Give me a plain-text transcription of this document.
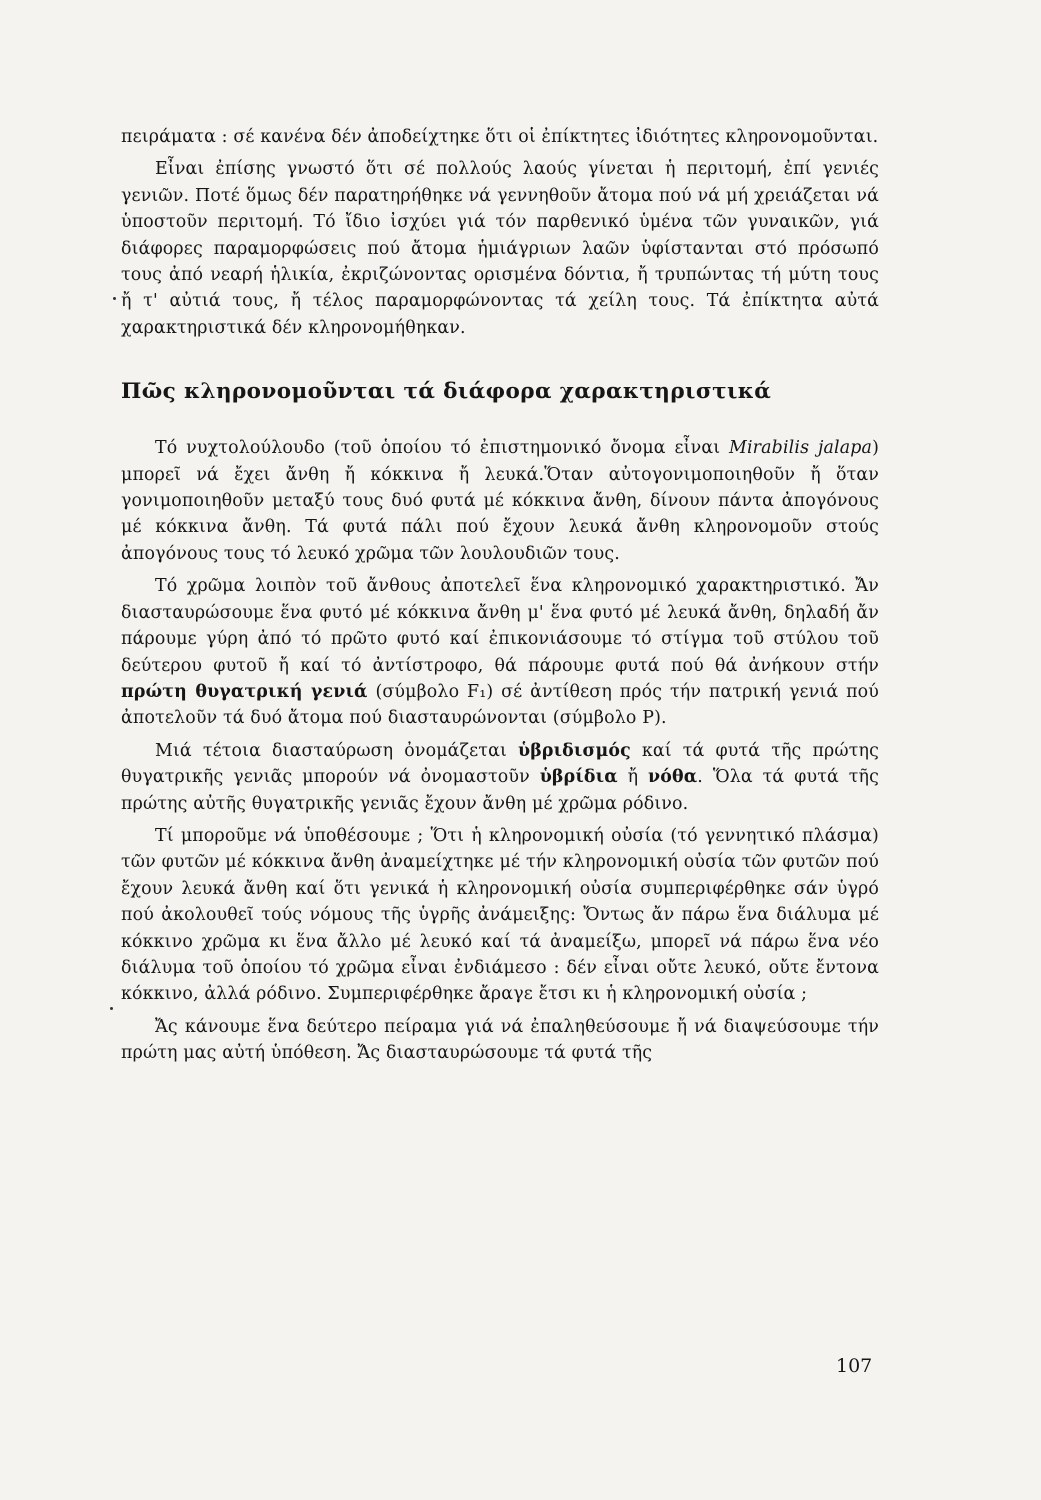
πειράματα : σέ κανένα δέν ἀποδείχτηκε ὅτι οἱ ἐπίκτητες ἰδιότητες κληρονομοῦνται.

Εἶναι ἐπίσης γνωστό ὅτι σέ πολλούς λαούς γίνεται ἡ περιτομή, ἐπί γενιές γενιῶν. Ποτέ ὅμως δέν παρατηρήθηκε νά γεννηθοῦν ἄτομα πού νά μή χρειάζεται νά ὑποστοῦν περιτομή. Τό ἴδιο ἰσχύει γιά τόν παρθενικό ὑμένα τῶν γυναικῶν, γιά διάφορες παραμορφώσεις πού ἄτομα ἡμιάγριων λαῶν ὑφίστανται στό πρόσωπό τους ἀπό νεαρή ἡλικία, ἐκριζώνοντας ορισμένα δόντια, ἤ τρυπώντας τή μύτη τους ἤ τ' αὐτιά τους, ἤ τέλος παραμορφώνοντας τά χείλη τους. Τά ἐπίκτητα αὐτά χαρακτηριστικά δέν κληρονομήθηκαν.

Πῶς κληρονομοῦνται τά διάφορα χαρακτηριστικά

Τό νυχτολούλουδο (τοῦ ὁποίου τό ἐπιστημονικό ὄνομα εἶναι Mirabilis jalapa) μπορεῖ νά ἔχει ἄνθη ἤ κόκκινα ἤ λευκά.Ὅταν αὐτογονιμοποιηθοῦν ἤ ὅταν γονιμοποιηθοῦν μεταξύ τους δυό φυτά μέ κόκκινα ἄνθη, δίνουν πάντα ἀπογόνους μέ κόκκινα ἄνθη. Τά φυτά πάλι πού ἔχουν λευκά ἄνθη κληρονομοῦν στούς ἀπογόνους τους τό λευκό χρῶμα τῶν λουλουδιῶν τους.

Τό χρῶμα λοιπὸν τοῦ ἄνθους ἀποτελεῖ ἕνα κληρονομικό χαρακτηριστικό. Ἄν διασταυρώσουμε ἕνα φυτό μέ κόκκινα ἄνθη μ' ἕνα φυτό μέ λευκά ἄνθη, δηλαδή ἄν πάρουμε γύρη ἀπό τό πρῶτο φυτό καί ἐπικονιάσουμε τό στίγμα τοῦ στύλου τοῦ δεύτερου φυτοῦ ἤ καί τό ἀντίστροφο, θά πάρουμε φυτά πού θά ἀνήκουν στήν πρώτη θυγατρική γενιά (σύμβολο F₁) σέ ἀντίθεση πρός τήν πατρική γενιά πού ἀποτελοῦν τά δυό ἄτομα πού διασταυρώνονται (σύμβολο P).

Μιά τέτοια διασταύρωση ὀνομάζεται ὑβριδισμός καί τά φυτά τῆς πρώτης θυγατρικῆς γενιᾶς μπορούν νά ὀνομαστοῦν ὑβρίδια ἤ νόθα. Ὅλα τά φυτά τῆς πρώτης αὐτῆς θυγατρικῆς γενιᾶς ἔχουν ἄνθη μέ χρῶμα ρόδινο.

Τί μποροῦμε νά ὑποθέσουμε ; Ὅτι ἡ κληρονομική οὐσία (τό γεννητικό πλάσμα) τῶν φυτῶν μέ κόκκινα ἄνθη ἀναμείχτηκε μέ τήν κληρονομική οὐσία τῶν φυτῶν πού ἔχουν λευκά ἄνθη καί ὅτι γενικά ἡ κληρονομική οὐσία συμπεριφέρθηκε σάν ὑγρό πού ἀκολουθεῖ τούς νόμους τῆς ὑγρῆς ἀνάμειξης: Ὄντως ἄν πάρω ἕνα διάλυμα μέ κόκκινο χρῶμα κι ἕνα ἄλλο μέ λευκό καί τά ἀναμείξω, μπορεῖ νά πάρω ἕνα νέο διάλυμα τοῦ ὁποίου τό χρῶμα εἶναι ἐνδιάμεσο : δέν εἶναι οὔτε λευκό, οὔτε ἔντονα κόκκινο, ἀλλά ρόδινο. Συμπεριφέρθηκε ἄραγε ἔτσι κι ἡ κληρονομική οὐσία ;

Ἄς κάνουμε ἕνα δεύτερο πείραμα γιά νά ἐπαληθεύσουμε ἤ νά διαψεύσουμε τήν πρώτη μας αὐτή ὑπόθεση. Ἄς διασταυρώσουμε τά φυτά τῆς

107
